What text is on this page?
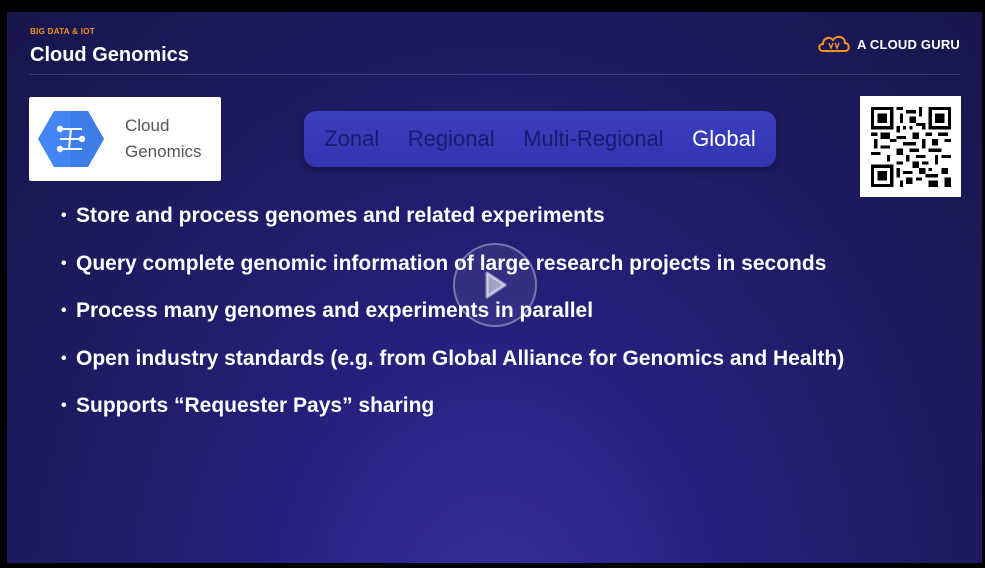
BIG DATA & IOT
Cloud Genomics	A CLOUD GURU
Cloud
Genomics
Zonal Regional Multi-Regional Global
• Store and process genomes and related experiments
• Query complete genomic information of large research projects in seconds
• Process many genomes and experiments in parallel
• Open industry standards (e.g. from Global Alliance for Genomics and Health)
• Supports “Requester Pays” sharing
